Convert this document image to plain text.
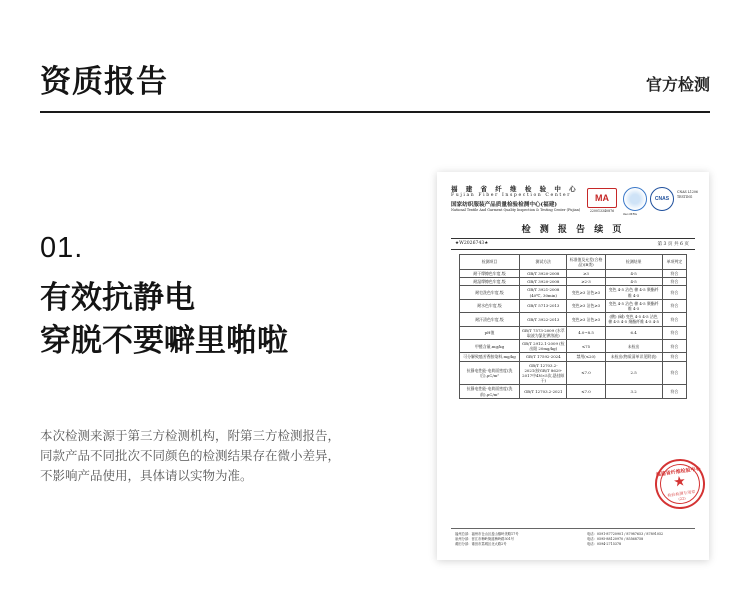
资质报告	官方检测
01.
有效抗静电
穿脱不要噼里啪啦
本次检测来源于第三方检测机构，附第三方检测报告，
同款产品不同批次不同颜色的检测结果存在微小差异，
不影响产品使用，具体请以实物为准。
福 建 省 纤 维 检 验 中 心
Fujian Fiber Inspection Center
国家纺织服装产品质量检验检测中心(福建)
National Textile And Garment Quality Inspection & Testing Center (Fujian)
MA
220013340876
ilac-MRA
CNAS
CNAS L1206 TESTING
检 测 报 告 续 页
★W2026743★	第 3 页 共 6 页
检测项目	测试方法	标准值及允差(合格品)(B类)	检测结果	单项判定
耐干摩擦色牢度,级	GB/T 3920-2008	≥3	4-5	符合
耐湿摩擦色牢度,级	GB/T 3920-2008	≥2-3	4-5	符合
耐皂洗色牢度,级	GB/T 3921-2008 (40℃, 30min)	变色≥3 沾色≥3	变色 4-5 沾色 棉 4-5 聚酯纤维 4-5	符合
耐水色牢度,级	GB/T 5713-2013	变色≥3 沾色≥3	变色 4-5 沾色 棉 4-5 聚酯纤维 4-5	符合
耐汗渍色牢度,级	GB/T 3922-2013	变色≥3 沾色≥3	(酸) (碱) 变色 4-5 4-5 沾色 棉 4-5 4-5 聚酯纤维 4-5 4-5	符合
pH值	GB/T 7573-2009 (水萃取液为氯化钾溶液)	4.0~8.5	6.4	符合
甲醛含量,mg/kg	GB/T 2912.1-2009 (检出限 20mg/kg)	≤75	未检出	符合
可分解致癌芳香胺染料,mg/kg	GB/T 17592-2024	禁用(≤20)	未检出(物质清单详见附表)	符合
抗静电性能-电荷面密度(洗后),μC/m²	GB/T 12703.2-2021(按GB/T 8629-2017中4N×5次,悬挂晾干)	≤7.0	2.5	符合
抗静电性能-电荷面密度(洗前),μC/m²	GB/T 12703.2-2021	≤7.0	3.2	符合
福建省纤维检验中心
★
检验检测专用章
(22)
福州总部：福州市仓山区盖山镇岭美路17号
泉州分部：晋江市梅岭街道梅岭路301号
莆田分部：莆田市荔城区北大路2号
电话：0591-87720901 / 87987653 / 87891052
电话：0595-88120970 / 85568758
电话：0594-2715378
